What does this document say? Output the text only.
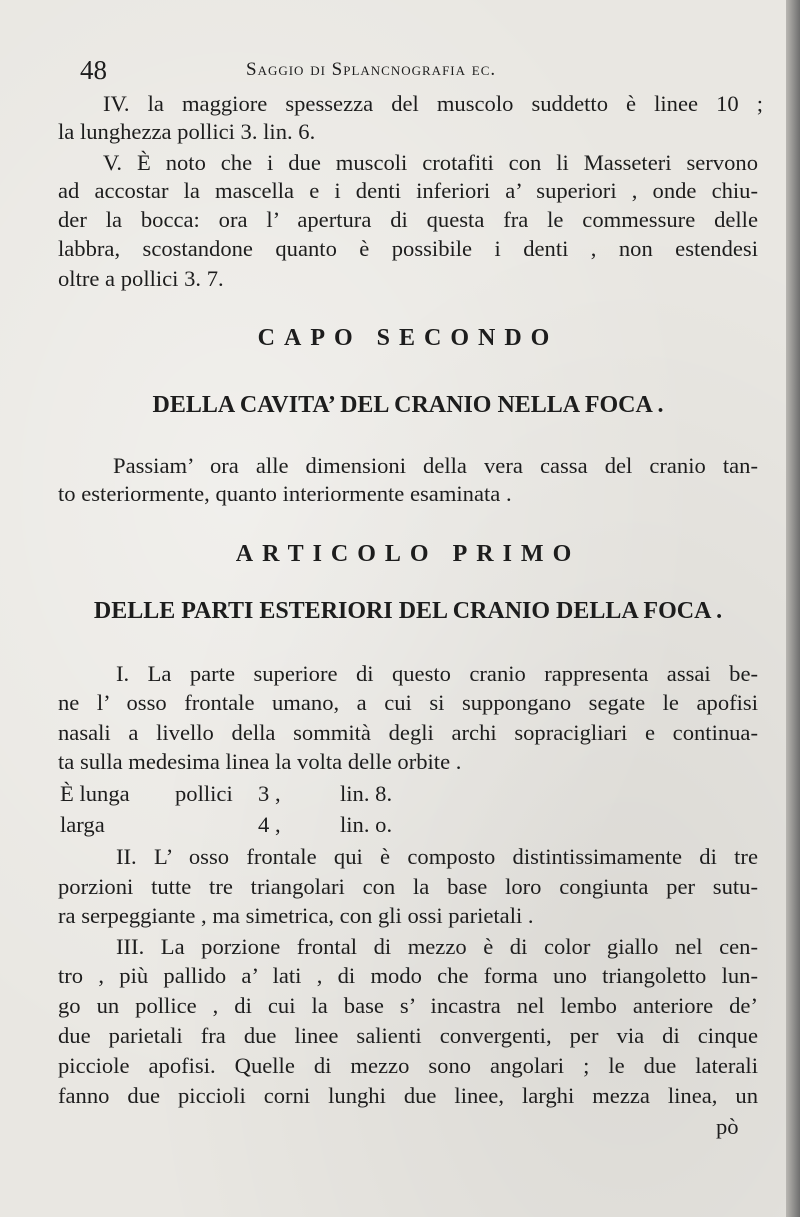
48	Saggio di Splancnografia ec.
IV. la maggiore spessezza del muscolo suddetto è linee 10 ;
la lunghezza pollici 3. lin. 6.
V. È noto che i due muscoli crotafiti con li Masseteri servono
ad accostar la mascella e i denti inferiori a’ superiori , onde chiu-
der la bocca: ora l’ apertura di questa fra le commessure delle
labbra, scostandone quanto è possibile i denti , non estendesi
oltre a pollici 3. 7.
Passiam’ ora alle dimensioni della vera cassa del cranio tan-
to esteriormente, quanto interiormente esaminata .
I. La parte superiore di questo cranio rappresenta assai be-
ne l’ osso frontale umano, a cui si suppongano segate le apofisi
nasali a livello della sommità degli archi sopracigliari e continua-
ta sulla medesima linea la volta delle orbite .
II. L’ osso frontale qui è composto distintissimamente di tre
porzioni tutte tre triangolari con la base loro congiunta per sutu-
ra serpeggiante , ma simetrica, con gli ossi parietali .
III. La porzione frontal di mezzo è di color giallo nel cen-
tro , più pallido a’ lati , di modo che forma uno triangoletto lun-
go un pollice , di cui la base s’ incastra nel lembo anteriore de’
due parietali fra due linee salienti convergenti, per via di cinque
picciole apofisi. Quelle di mezzo sono angolari ; le due laterali
fanno due piccioli corni lunghi due linee, larghi mezza linea, un
CAPO SECONDO
DELLA CAVITA’ DEL CRANIO NELLA FOCA .
ARTICOLO PRIMO
DELLE PARTI ESTERIORI DEL CRANIO DELLA FOCA .
È lunga pollici 3 ,	lin. 8.
larga	4 ,	lin. o.
pò
